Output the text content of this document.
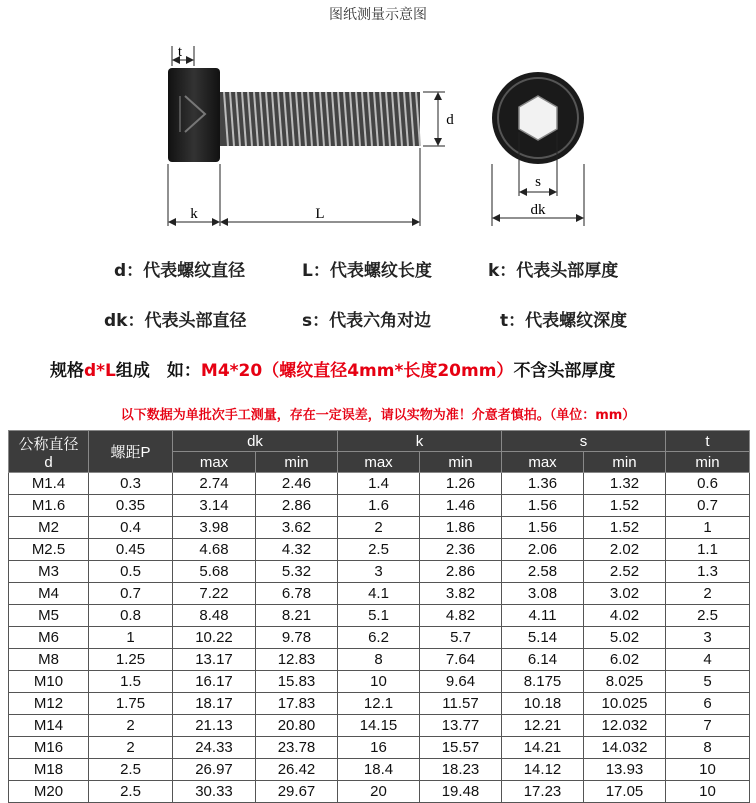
图纸测量示意图
t
d
k	L
s
dk
d：代表螺纹直径	L：代表螺纹长度	k：代表头部厚度
dk：代表头部直径	s：代表六角对边	t：代表螺纹深度
规格d*L组成　如：M4*20（螺纹直径4mm*长度20mm）不含头部厚度
以下数据为单批次手工测量，存在一定误差，请以实物为准！介意者慎拍。（单位：mm）
公称直径
d	螺距P	dk		k		s		t
		max	min	max	min	max	min	min
M1.4	0.3	2.74	2.46	1.4	1.26	1.36	1.32	0.6
M1.6	0.35	3.14	2.86	1.6	1.46	1.56	1.52	0.7
M2	0.4	3.98	3.62	2	1.86	1.56	1.52	1
M2.5	0.45	4.68	4.32	2.5	2.36	2.06	2.02	1.1
M3	0.5	5.68	5.32	3	2.86	2.58	2.52	1.3
M4	0.7	7.22	6.78	4.1	3.82	3.08	3.02	2
M5	0.8	8.48	8.21	5.1	4.82	4.11	4.02	2.5
M6	1	10.22	9.78	6.2	5.7	5.14	5.02	3
M8	1.25	13.17	12.83	8	7.64	6.14	6.02	4
M10	1.5	16.17	15.83	10	9.64	8.175	8.025	5
M12	1.75	18.17	17.83	12.1	11.57	10.18	10.025	6
M14	2	21.13	20.80	14.15	13.77	12.21	12.032	7
M16	2	24.33	23.78	16	15.57	14.21	14.032	8
M18	2.5	26.97	26.42	18.4	18.23	14.12	13.93	10
M20	2.5	30.33	29.67	20	19.48	17.23	17.05	10
